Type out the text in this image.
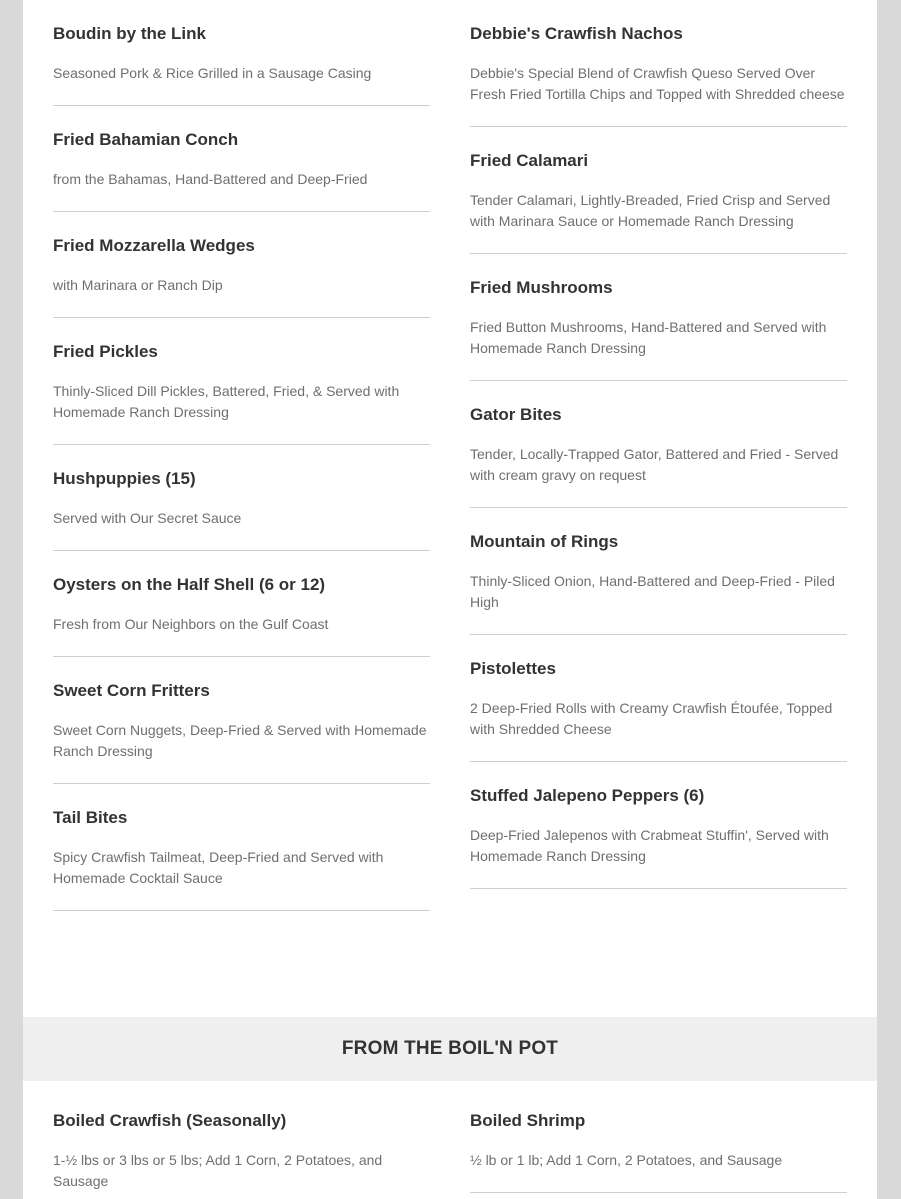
Boudin by the Link

Seasoned Pork & Rice Grilled in a Sausage Casing

Fried Bahamian Conch

from the Bahamas, Hand-Battered and Deep-Fried

Fried Mozzarella Wedges

with Marinara or Ranch Dip

Fried Pickles

Thinly-Sliced Dill Pickles, Battered, Fried, & Served with Homemade Ranch Dressing

Hushpuppies (15)

Served with Our Secret Sauce

Oysters on the Half Shell (6 or 12)

Fresh from Our Neighbors on the Gulf Coast

Sweet Corn Fritters

Sweet Corn Nuggets, Deep-Fried & Served with Homemade Ranch Dressing

Tail Bites

Spicy Crawfish Tailmeat, Deep-Fried and Served with Homemade Cocktail Sauce

Debbie's Crawfish Nachos

Debbie's Special Blend of Crawfish Queso Served Over Fresh Fried Tortilla Chips and Topped with Shredded cheese

Fried Calamari

Tender Calamari, Lightly-Breaded, Fried Crisp and Served with Marinara Sauce or Homemade Ranch Dressing

Fried Mushrooms

Fried Button Mushrooms, Hand-Battered and Served with Homemade Ranch Dressing

Gator Bites

Tender, Locally-Trapped Gator, Battered and Fried - Served with cream gravy on request

Mountain of Rings

Thinly-Sliced Onion, Hand-Battered and Deep-Fried - Piled High

Pistolettes

2 Deep-Fried Rolls with Creamy Crawfish Étoufée, Topped with Shredded Cheese

Stuffed Jalepeno Peppers (6)

Deep-Fried Jalepenos with Crabmeat Stuffin', Served with Homemade Ranch Dressing

FROM THE BOIL'N POT

Boiled Crawfish (Seasonally)

1-½ lbs or 3 lbs or 5 lbs; Add 1 Corn, 2 Potatoes, and Sausage

Boiled Shrimp

½ lb or 1 lb; Add 1 Corn, 2 Potatoes, and Sausage
